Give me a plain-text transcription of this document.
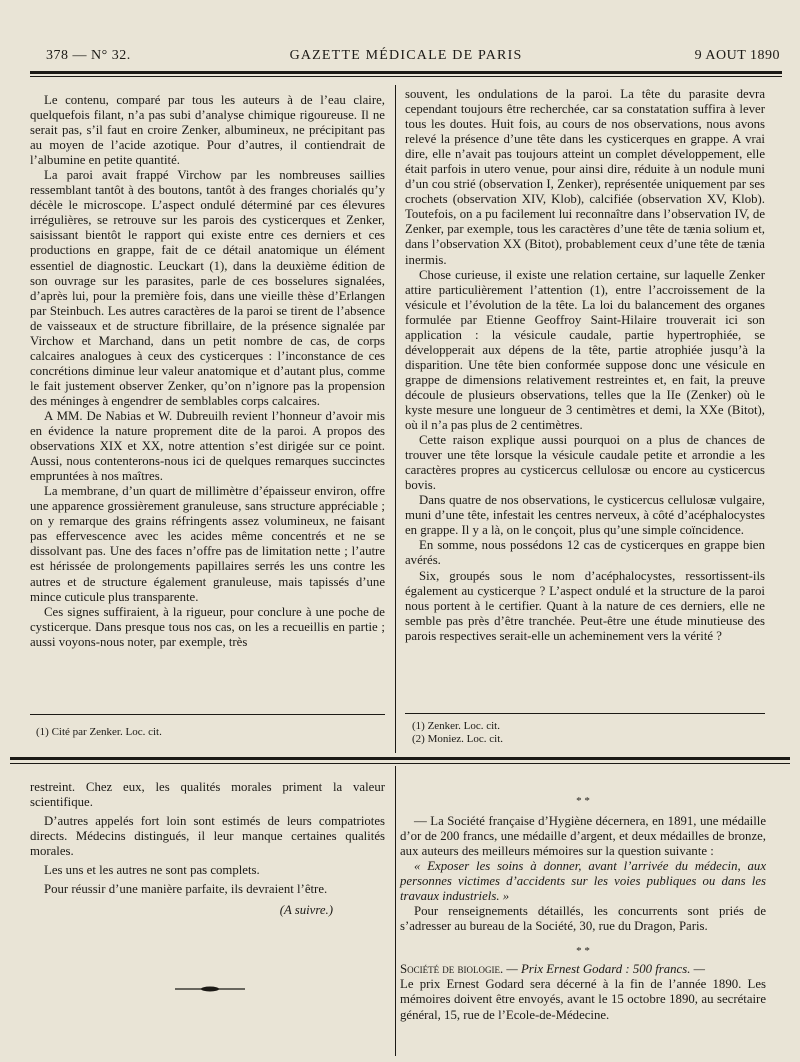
378 — N° 32.	GAZETTE MÉDICALE DE PARIS	9 AOUT 1890

Le contenu, comparé par tous les auteurs à de l’eau claire, quelquefois filant, n’a pas subi d’analyse chimique rigoureuse. Il ne serait pas, s’il faut en croire Zenker, albumineux, ne précipitant pas au moyen de l’acide azotique. Pour d’autres, il contiendrait de l’albumine en petite quantité.

La paroi avait frappé Virchow par les nombreuses saillies ressemblant tantôt à des boutons, tantôt à des franges chorialés qu’y décèle le microscope. L’aspect ondulé déterminé par ces élevures irrégulières, se retrouve sur les parois des cysticerques et Zenker, saisissant bientôt le rapport qui existe entre ces derniers et ces productions en grappe, fait de ce détail anatomique un élément essentiel de diagnostic. Leuckart (1), dans la deuxième édition de son ouvrage sur les parasites, parle de ces bosselures signalées, d’après lui, pour la première fois, dans une vieille thèse d’Erlangen par Steinbuch. Les autres caractères de la paroi se tirent de l’absence de vaisseaux et de structure fibrillaire, de la présence signalée par Virchow et Marchand, dans un petit nombre de cas, de corps calcaires analogues à ceux des cysticerques : l’inconstance de ces concrétions diminue leur valeur anatomique et d’autant plus, comme le fait justement observer Zenker, qu’on n’ignore pas la propension des méninges à engendrer de semblables corps calcaires.

A MM. De Nabias et W. Dubreuilh revient l’honneur d’avoir mis en évidence la nature proprement dite de la paroi. A propos des observations XIX et XX, notre attention s’est dirigée sur ce point. Aussi, nous contenterons-nous ici de quelques remarques succinctes empruntées à nos maîtres.

La membrane, d’un quart de millimètre d’épaisseur environ, offre une apparence grossièrement granuleuse, sans structure appréciable ; on y remarque des grains réfringents assez volumineux, ne faisant pas effervescence avec les acides même concentrés et ne se dissolvant pas. Une des faces n’offre pas de limitation nette ; l’autre est hérissée de prolongements papillaires serrés les uns contre les autres et de structure également granuleuse, mais tapissés d’une mince cuticule plus transparente.

Ces signes suffiraient, à la rigueur, pour conclure à une poche de cysticerque. Dans presque tous nos cas, on les a recueillis en partie ; aussi voyons-nous noter, par exemple, très

souvent, les ondulations de la paroi. La tête du parasite devra cependant toujours être recherchée, car sa constatation suffira à lever tous les doutes. Huit fois, au cours de nos observations, nous avons relevé la présence d’une tête dans les cysticerques en grappe. A vrai dire, elle n’avait pas toujours atteint un complet développement, elle était parfois in utero venue, pour ainsi dire, réduite à un nodule muni d’un cou strié (observation I, Zenker), représentée uniquement par ses crochets (observation XIV, Klob), calcifiée (observation XV, Klob). Toutefois, on a pu facilement lui reconnaître dans l’observation IV, de Zenker, par exemple, tous les caractères d’une tête de tænia solium et, dans l’observation XX (Bitot), probablement ceux d’une tête de tænia inermis.

Chose curieuse, il existe une relation certaine, sur laquelle Zenker attire particulièrement l’attention (1), entre l’accroissement de la vésicule et l’évolution de la tête. La loi du balancement des organes formulée par Etienne Geoffroy Saint-Hilaire trouverait ici son application : la vésicule caudale, partie hypertrophiée, se développerait aux dépens de la tête, partie atrophiée jusqu’à la disparition. Une tête bien conformée suppose donc une vésicule en grappe de dimensions relativement restreintes et, en fait, la preuve découle de plusieurs observations, telles que la IIe (Zenker) où le kyste mesure une longueur de 3 centimètres et demi, la XXe (Bitot), où il n’a pas plus de 2 centimètres.

Cette raison explique aussi pourquoi on a plus de chances de trouver une tête lorsque la vésicule caudale petite et arrondie a les caractères propres au cysticercus cellulosæ ou encore au cysticercus bovis.

Dans quatre de nos observations, le cysticercus cellulosæ vulgaire, muni d’une tête, infestait les centres nerveux, à côté d’acéphalocystes en grappe. Il y a là, on le conçoit, plus qu’une simple coïncidence.

En somme, nous possédons 12 cas de cysticerques en grappe bien avérés.

Six, groupés sous le nom d’acéphalocystes, ressortissent-ils également au cysticerque ? L’aspect ondulé et la structure de la paroi nous portent à le certifier. Quant à la nature de ces derniers, elle ne semble pas près d’être tranchée. Peut-être une étude minutieuse des parois respectives serait-elle un acheminement vers la vérité ?

(1) Cité par Zenker. Loc. cit.	(1) Zenker. Loc. cit.
(2) Moniez. Loc. cit.

restreint. Chez eux, les qualités morales priment la valeur scientifique.

D’autres appelés fort loin sont estimés de leurs compatriotes directs. Médecins distingués, il leur manque certaines qualités morales.

Les uns et les autres ne sont pas complets.

Pour réussir d’une manière parfaite, ils devraient l’être.

(A suivre.)
* *

— La Société française d’Hygiène décernera, en 1891, une médaille d’or de 200 francs, une médaille d’argent, et deux médailles de bronze, aux auteurs des meilleurs mémoires sur la question suivante :

« Exposer les soins à donner, avant l’arrivée du médecin, aux personnes victimes d’accidents sur les voies publiques ou dans les travaux industriels. »

Pour renseignements détaillés, les concurrents sont priés de s’adresser au bureau de la Société, 30, rue du Dragon, Paris.

* *

Société de biologie. — Prix Ernest Godard : 500 francs. —

Le prix Ernest Godard sera décerné à la fin de l’année 1890. Les mémoires doivent être envoyés, avant le 15 octobre 1890, au secrétaire général, 15, rue de l’Ecole-de-Médecine.
